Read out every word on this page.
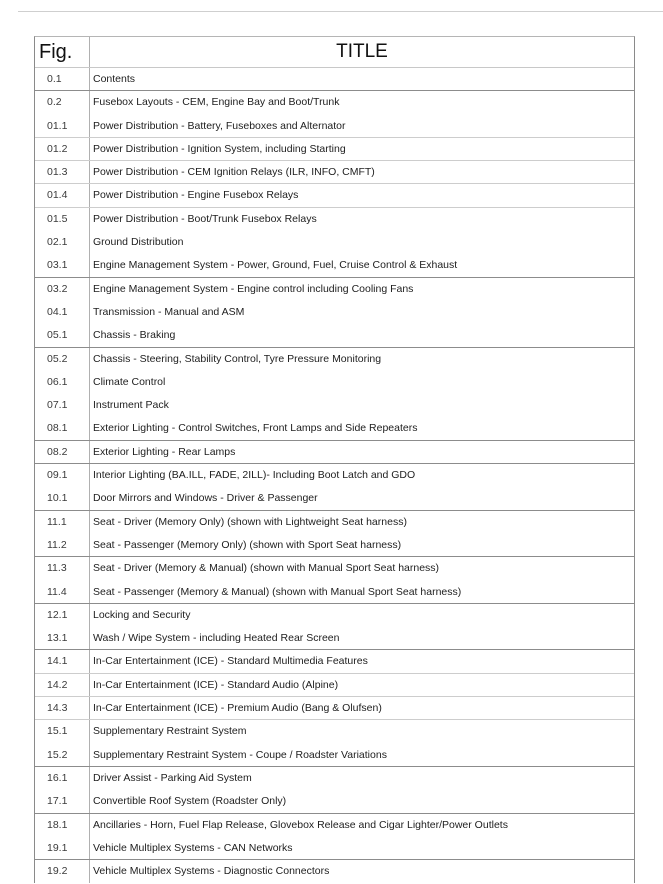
Fig.	TITLE
0.1	Contents
0.2	Fusebox Layouts - CEM, Engine Bay and Boot/Trunk
01.1	Power Distribution - Battery, Fuseboxes and Alternator
01.2	Power Distribution - Ignition System, including Starting
01.3	Power Distribution - CEM Ignition Relays (ILR, INFO, CMFT)
01.4	Power Distribution - Engine Fusebox Relays
01.5	Power Distribution - Boot/Trunk Fusebox Relays
02.1	Ground Distribution
03.1	Engine Management System - Power, Ground, Fuel, Cruise Control & Exhaust
03.2	Engine Management System - Engine control including Cooling Fans
04.1	Transmission - Manual and ASM
05.1	Chassis - Braking
05.2	Chassis - Steering, Stability Control, Tyre Pressure Monitoring
06.1	Climate Control
07.1	Instrument Pack
08.1	Exterior Lighting - Control Switches, Front Lamps and Side Repeaters
08.2	Exterior Lighting - Rear Lamps
09.1	Interior Lighting (BA.ILL, FADE, 2ILL)- Including Boot Latch and GDO
10.1	Door Mirrors and Windows - Driver & Passenger
11.1	Seat - Driver (Memory Only) (shown with Lightweight Seat harness)
11.2	Seat - Passenger (Memory Only) (shown with Sport Seat harness)
11.3	Seat - Driver (Memory & Manual) (shown with Manual Sport Seat harness)
11.4	Seat - Passenger (Memory & Manual) (shown with Manual Sport Seat harness)
12.1	Locking and Security
13.1	Wash / Wipe System - including Heated Rear Screen
14.1	In-Car Entertainment (ICE) - Standard Multimedia Features
14.2	In-Car Entertainment (ICE) - Standard Audio (Alpine)
14.3	In-Car Entertainment (ICE) - Premium Audio (Bang & Olufsen)
15.1	Supplementary Restraint System
15.2	Supplementary Restraint System - Coupe / Roadster Variations
16.1	Driver Assist - Parking Aid System
17.1	Convertible Roof System (Roadster Only)
18.1	Ancillaries - Horn, Fuel Flap Release, Glovebox Release and Cigar Lighter/Power Outlets
19.1	Vehicle Multiplex Systems - CAN Networks
19.2	Vehicle Multiplex Systems - Diagnostic Connectors
